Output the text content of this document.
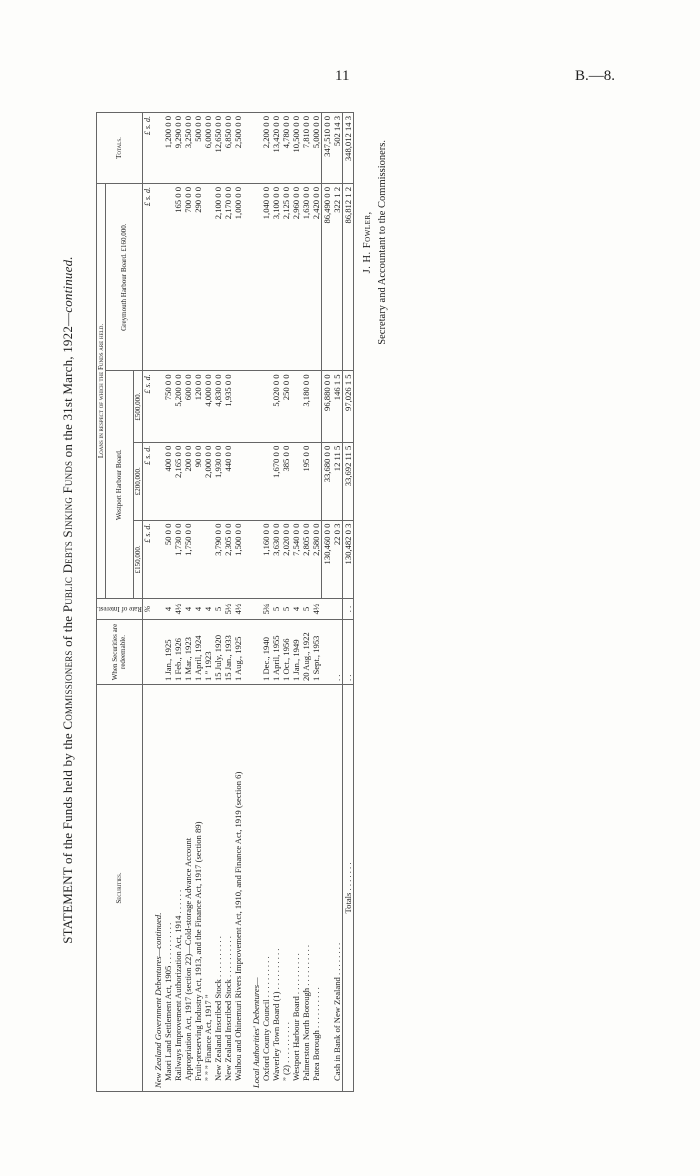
11	B.—8.
STATEMENT of the Funds held by the Commissioners of the Public Debts Sinking Funds on the 31st March, 1922—continued.
Securities.	When Securities are redeemable.	Rate of Interest.	Loans in respect of which the Funds are held.				Totals.
			Westport Harbour Board.			Greymouth Harbour Board. £160,000.	
			£150,000.	£200,000.	£500,000.		
		%	£ s. d.	£ s. d.	£ s. d.	£ s. d.	£ s. d.
New Zealand Government Debentures—continued.							
Maori Land Settlement Act, 1905 . . . . . . . . . .	1 Jan., 1925	4	50 0 0	400 0 0	750 0 0		1,200 0 0
Railways Improvement Authorization Act, 1914 . . . . . .	1 Feb., 1926	4½	1,730 0 0	2,165 0 0	5,200 0 0	165 0 0	9,290 0 0
Appropriation Act, 1917 (section 22)—Cold-storage Advance Account	1 Mar., 1923	4	1,750 0 0	200 0 0	600 0 0	700 0 0	3,250 0 0
Fruit-preserving Industry Act, 1913, and the Finance Act, 1917 (section 89)	1 April, 1924	4		90 0 0	120 0 0	290 0 0	500 0 0
” ” ” Finance Act, 1917 ”	1 ” 1923	4		2,000 0 0	4,000 0 0		6,000 0 0
New Zealand Inscribed Stock . . . . . . . . . .	15 July, 1920	5	3,790 0 0	1,930 0 0	4,830 0 0	2,100 0 0	12,650 0 0
New Zealand Inscribed Stock . . . . . . . . . .	15 Jan., 1933	5½	2,305 0 0	440 0 0	1,935 0 0	2,170 0 0	6,850 0 0
Waihou and Ohinemuri Rivers Improvement Act, 1910, and Finance Act, 1919 (section 6)	1 Aug., 1925	4½	1,500 0 0			1,000 0 0	2,500 0 0

Local Authorities' Debentures—							
Oxford County Council . . . . . . . . . .	1 Dec., 1940	5¾	1,160 0 0			1,040 0 0	2,200 0 0
Waverley Town Board (1) . . . . . . . . . .	1 April, 1955	5	3,630 0 0	1,670 0 0	5,020 0 0	3,100 0 0	13,420 0 0
” (2) . . . . . . . . . .	1 Oct., 1956	5	2,020 0 0	385 0 0	250 0 0	2,125 0 0	4,780 0 0
Westport Harbour Board . . . . . . . . . .	1 Jan., 1949	4	7,540 0 0			2,960 0 0	10,500 0 0
Palmerston North Borough . . . . . . . . . .	20 Aug., 1922	5	2,805 0 0	195 0 0	3,180 0 0	1,630 0 0	7,810 0 0
Patea Borough . . . . . . . . . .	1 Sept., 1953	4½	2,580 0 0			2,420 0 0	5,000 0 0
			130,460 0 0	33,680 0 0	96,880 0 0	86,490 0 0	347,510 0 0
Cash in Bank of New Zealand . . . . . . . .	. .		22 0 3	12 11 5	146 1 5	322 1 2	502 14 3
Totals . . . . . . .	. .	. .	130,482 0 3	33,692 11 5	97,026 1 5	86,812 1 2	348,012 14 3
J. H. Fowler, Secretary and Accountant to the Commissioners.
